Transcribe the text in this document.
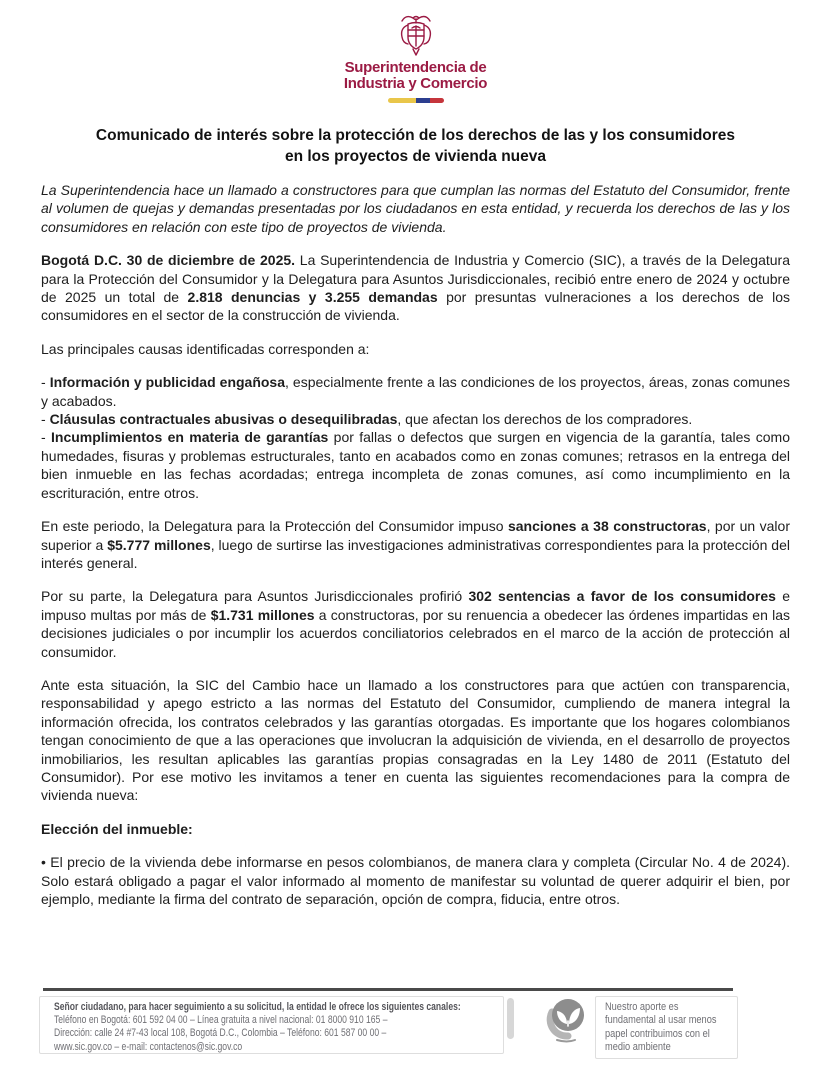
Superintendencia de
Industria y Comercio
Comunicado de interés sobre la protección de los derechos de las y los consumidores
en los proyectos de vivienda nueva

La Superintendencia hace un llamado a constructores para que cumplan las normas del Estatuto del Consumidor, frente al volumen de quejas y demandas presentadas por los ciudadanos en esta entidad, y recuerda los derechos de las y los consumidores en relación con este tipo de proyectos de vivienda.

Bogotá D.C. 30 de diciembre de 2025. La Superintendencia de Industria y Comercio (SIC), a través de la Delegatura para la Protección del Consumidor y la Delegatura para Asuntos Jurisdiccionales, recibió entre enero de 2024 y octubre de 2025 un total de 2.818 denuncias y 3.255 demandas por presuntas vulneraciones a los derechos de los consumidores en el sector de la construcción de vivienda.

Las principales causas identificadas corresponden a:

- Información y publicidad engañosa, especialmente frente a las condiciones de los proyectos, áreas, zonas comunes y acabados.

- Cláusulas contractuales abusivas o desequilibradas, que afectan los derechos de los compradores.

- Incumplimientos en materia de garantías por fallas o defectos que surgen en vigencia de la garantía, tales como humedades, fisuras y problemas estructurales, tanto en acabados como en zonas comunes; retrasos en la entrega del bien inmueble en las fechas acordadas; entrega incompleta de zonas comunes, así como incumplimiento en la escrituración, entre otros.

En este periodo, la Delegatura para la Protección del Consumidor impuso sanciones a 38 constructoras, por un valor superior a $5.777 millones, luego de surtirse las investigaciones administrativas correspondientes para la protección del interés general.

Por su parte, la Delegatura para Asuntos Jurisdiccionales profirió 302 sentencias a favor de los consumidores e impuso multas por más de $1.731 millones a constructoras, por su renuencia a obedecer las órdenes impartidas en las decisiones judiciales o por incumplir los acuerdos conciliatorios celebrados en el marco de la acción de protección al consumidor.

Ante esta situación, la SIC del Cambio hace un llamado a los constructores para que actúen con transparencia, responsabilidad y apego estricto a las normas del Estatuto del Consumidor, cumpliendo de manera integral la información ofrecida, los contratos celebrados y las garantías otorgadas. Es importante que los hogares colombianos tengan conocimiento de que a las operaciones que involucran la adquisición de vivienda, en el desarrollo de proyectos inmobiliarios, les resultan aplicables las garantías propias consagradas en la Ley 1480 de 2011 (Estatuto del Consumidor). Por ese motivo les invitamos a tener en cuenta las siguientes recomendaciones para la compra de vivienda nueva:

Elección del inmueble:

• El precio de la vivienda debe informarse en pesos colombianos, de manera clara y completa (Circular No. 4 de 2024). Solo estará obligado a pagar el valor informado al momento de manifestar su voluntad de querer adquirir el bien, por ejemplo, mediante la firma del contrato de separación, opción de compra, fiducia, entre otros.

Señor ciudadano, para hacer seguimiento a su solicitud, la entidad le ofrece los siguientes canales:
Teléfono en Bogotá: 601 592 04 00 – Línea gratuita a nivel nacional: 01 8000 910 165 –
Dirección: calle 24 #7-43 local 108, Bogotá D.C., Colombia – Teléfono: 601 587 00 00 –
www.sic.gov.co – e-mail: contactenos@sic.gov.co
Nuestro aporte es
fundamental al usar menos
papel contribuimos con el
medio ambiente
